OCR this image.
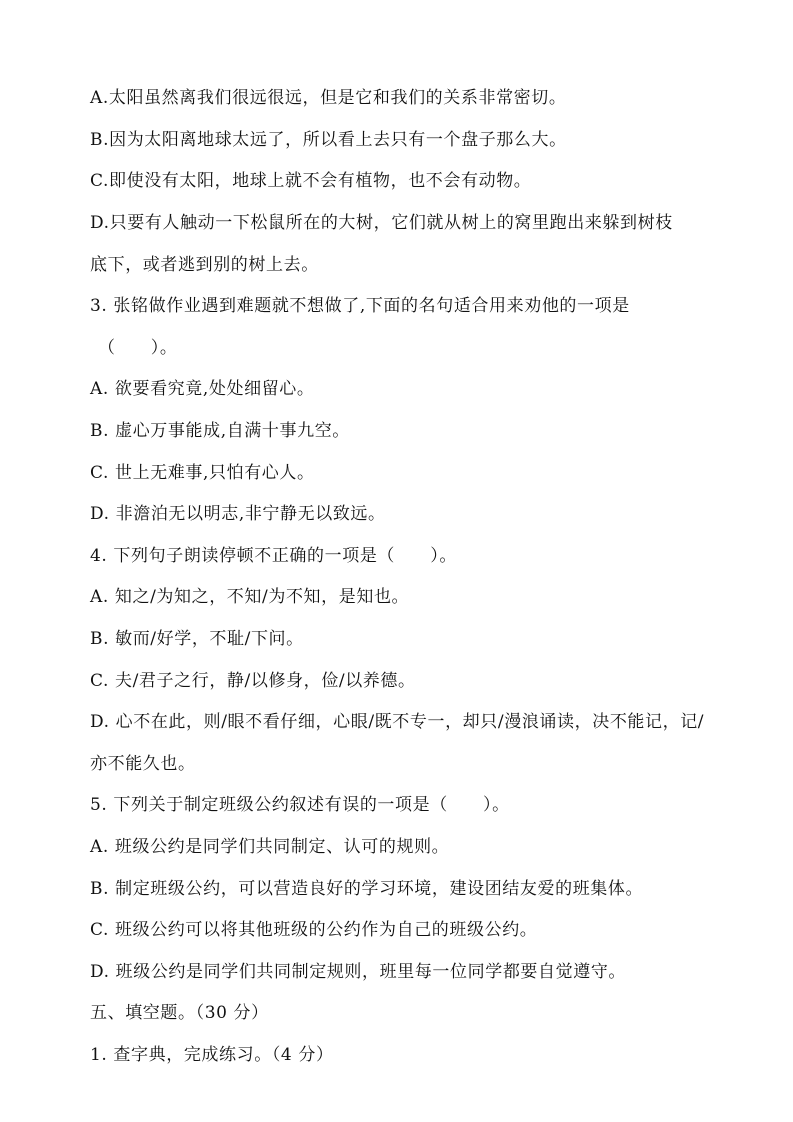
A.太阳虽然离我们很远很远，但是它和我们的关系非常密切。
B.因为太阳离地球太远了，所以看上去只有一个盘子那么大。
C.即使没有太阳，地球上就不会有植物，也不会有动物。
D.只要有人触动一下松鼠所在的大树，它们就从树上的窝里跑出来躲到树枝
底下，或者逃到别的树上去。
3. 张铭做作业遇到难题就不想做了,下面的名句适合用来劝他的一项是
（　　）。
A. 欲要看究竟,处处细留心。
B. 虚心万事能成,自满十事九空。
C. 世上无难事,只怕有心人。
D. 非澹泊无以明志,非宁静无以致远。
4. 下列句子朗读停顿不正确的一项是（　　）。
A. 知之/为知之，不知/为不知，是知也。
B. 敏而/好学，不耻/下问。
C. 夫/君子之行，静/以修身，俭/以养德。
D. 心不在此，则/眼不看仔细，心眼/既不专一，却只/漫浪诵读，决不能记，记/
亦不能久也。
5. 下列关于制定班级公约叙述有误的一项是（　　）。
A. 班级公约是同学们共同制定、认可的规则。
B. 制定班级公约，可以营造良好的学习环境，建设团结友爱的班集体。
C. 班级公约可以将其他班级的公约作为自己的班级公约。
D. 班级公约是同学们共同制定规则，班里每一位同学都要自觉遵守。
五、填空题。（30 分）
1. 查字典，完成练习。（4 分）
